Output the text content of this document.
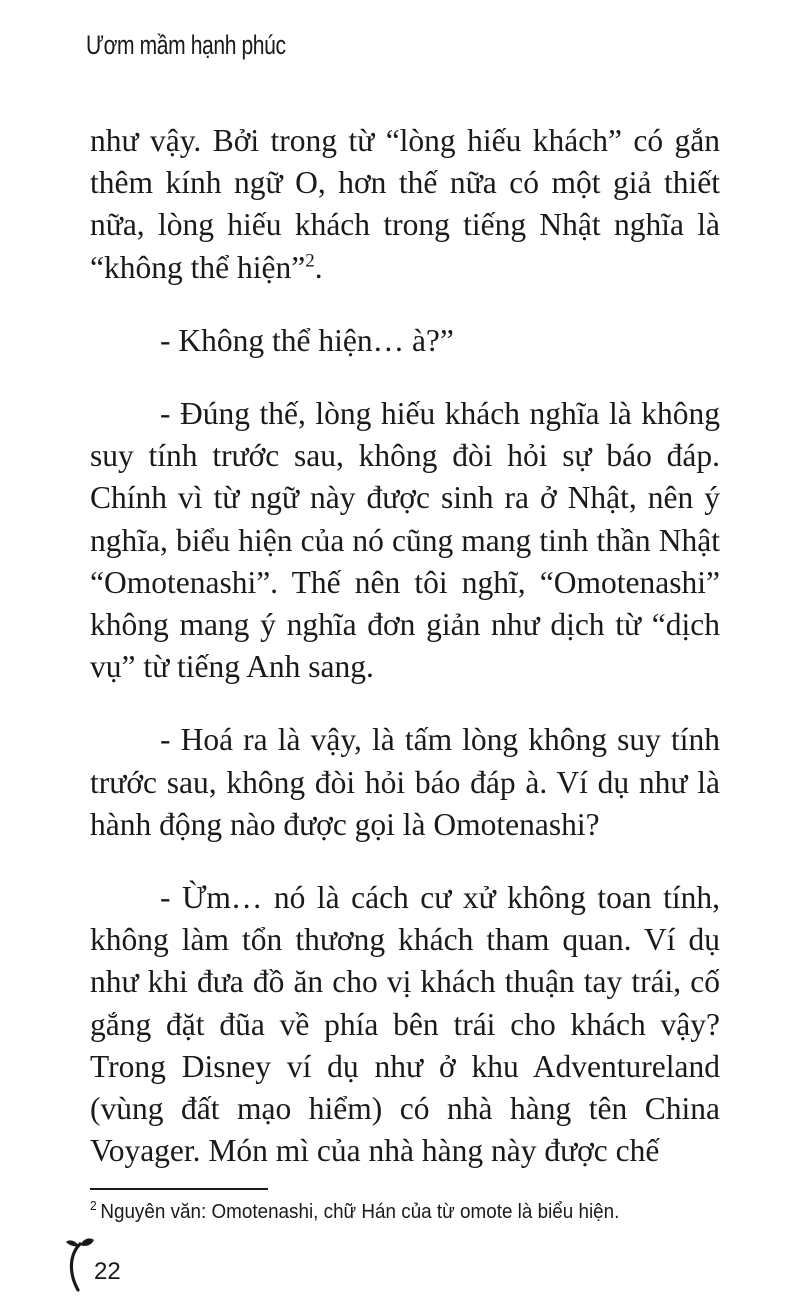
Ươm mầm hạnh phúc

như vậy. Bởi trong từ “lòng hiếu khách” có gắn thêm kính ngữ O, hơn thế nữa có một giả thiết nữa, lòng hiếu khách trong tiếng Nhật nghĩa là “không thể hiện”$^2$.

- Không thể hiện… à?”

- Đúng thế, lòng hiếu khách nghĩa là không suy tính trước sau, không đòi hỏi sự báo đáp. Chính vì từ ngữ này được sinh ra ở Nhật, nên ý nghĩa, biểu hiện của nó cũng mang tinh thần Nhật “Omotenashi”. Thế nên tôi nghĩ, “Omotenashi” không mang ý nghĩa đơn giản như dịch từ “dịch vụ” từ tiếng Anh sang.

- Hoá ra là vậy, là tấm lòng không suy tính trước sau, không đòi hỏi báo đáp à. Ví dụ như là hành động nào được gọi là Omotenashi?

- Ừm… nó là cách cư xử không toan tính, không làm tổn thương khách tham quan. Ví dụ như khi đưa đồ ăn cho vị khách thuận tay trái, cố gắng đặt đũa về phía bên trái cho khách vậy? Trong Disney ví dụ như ở khu Adventureland (vùng đất mạo hiểm) có nhà hàng tên China Voyager. Món mì của nhà hàng này được chế

$^2$ Nguyên văn: Omotenashi, chữ Hán của từ omote là biểu hiện.
22
